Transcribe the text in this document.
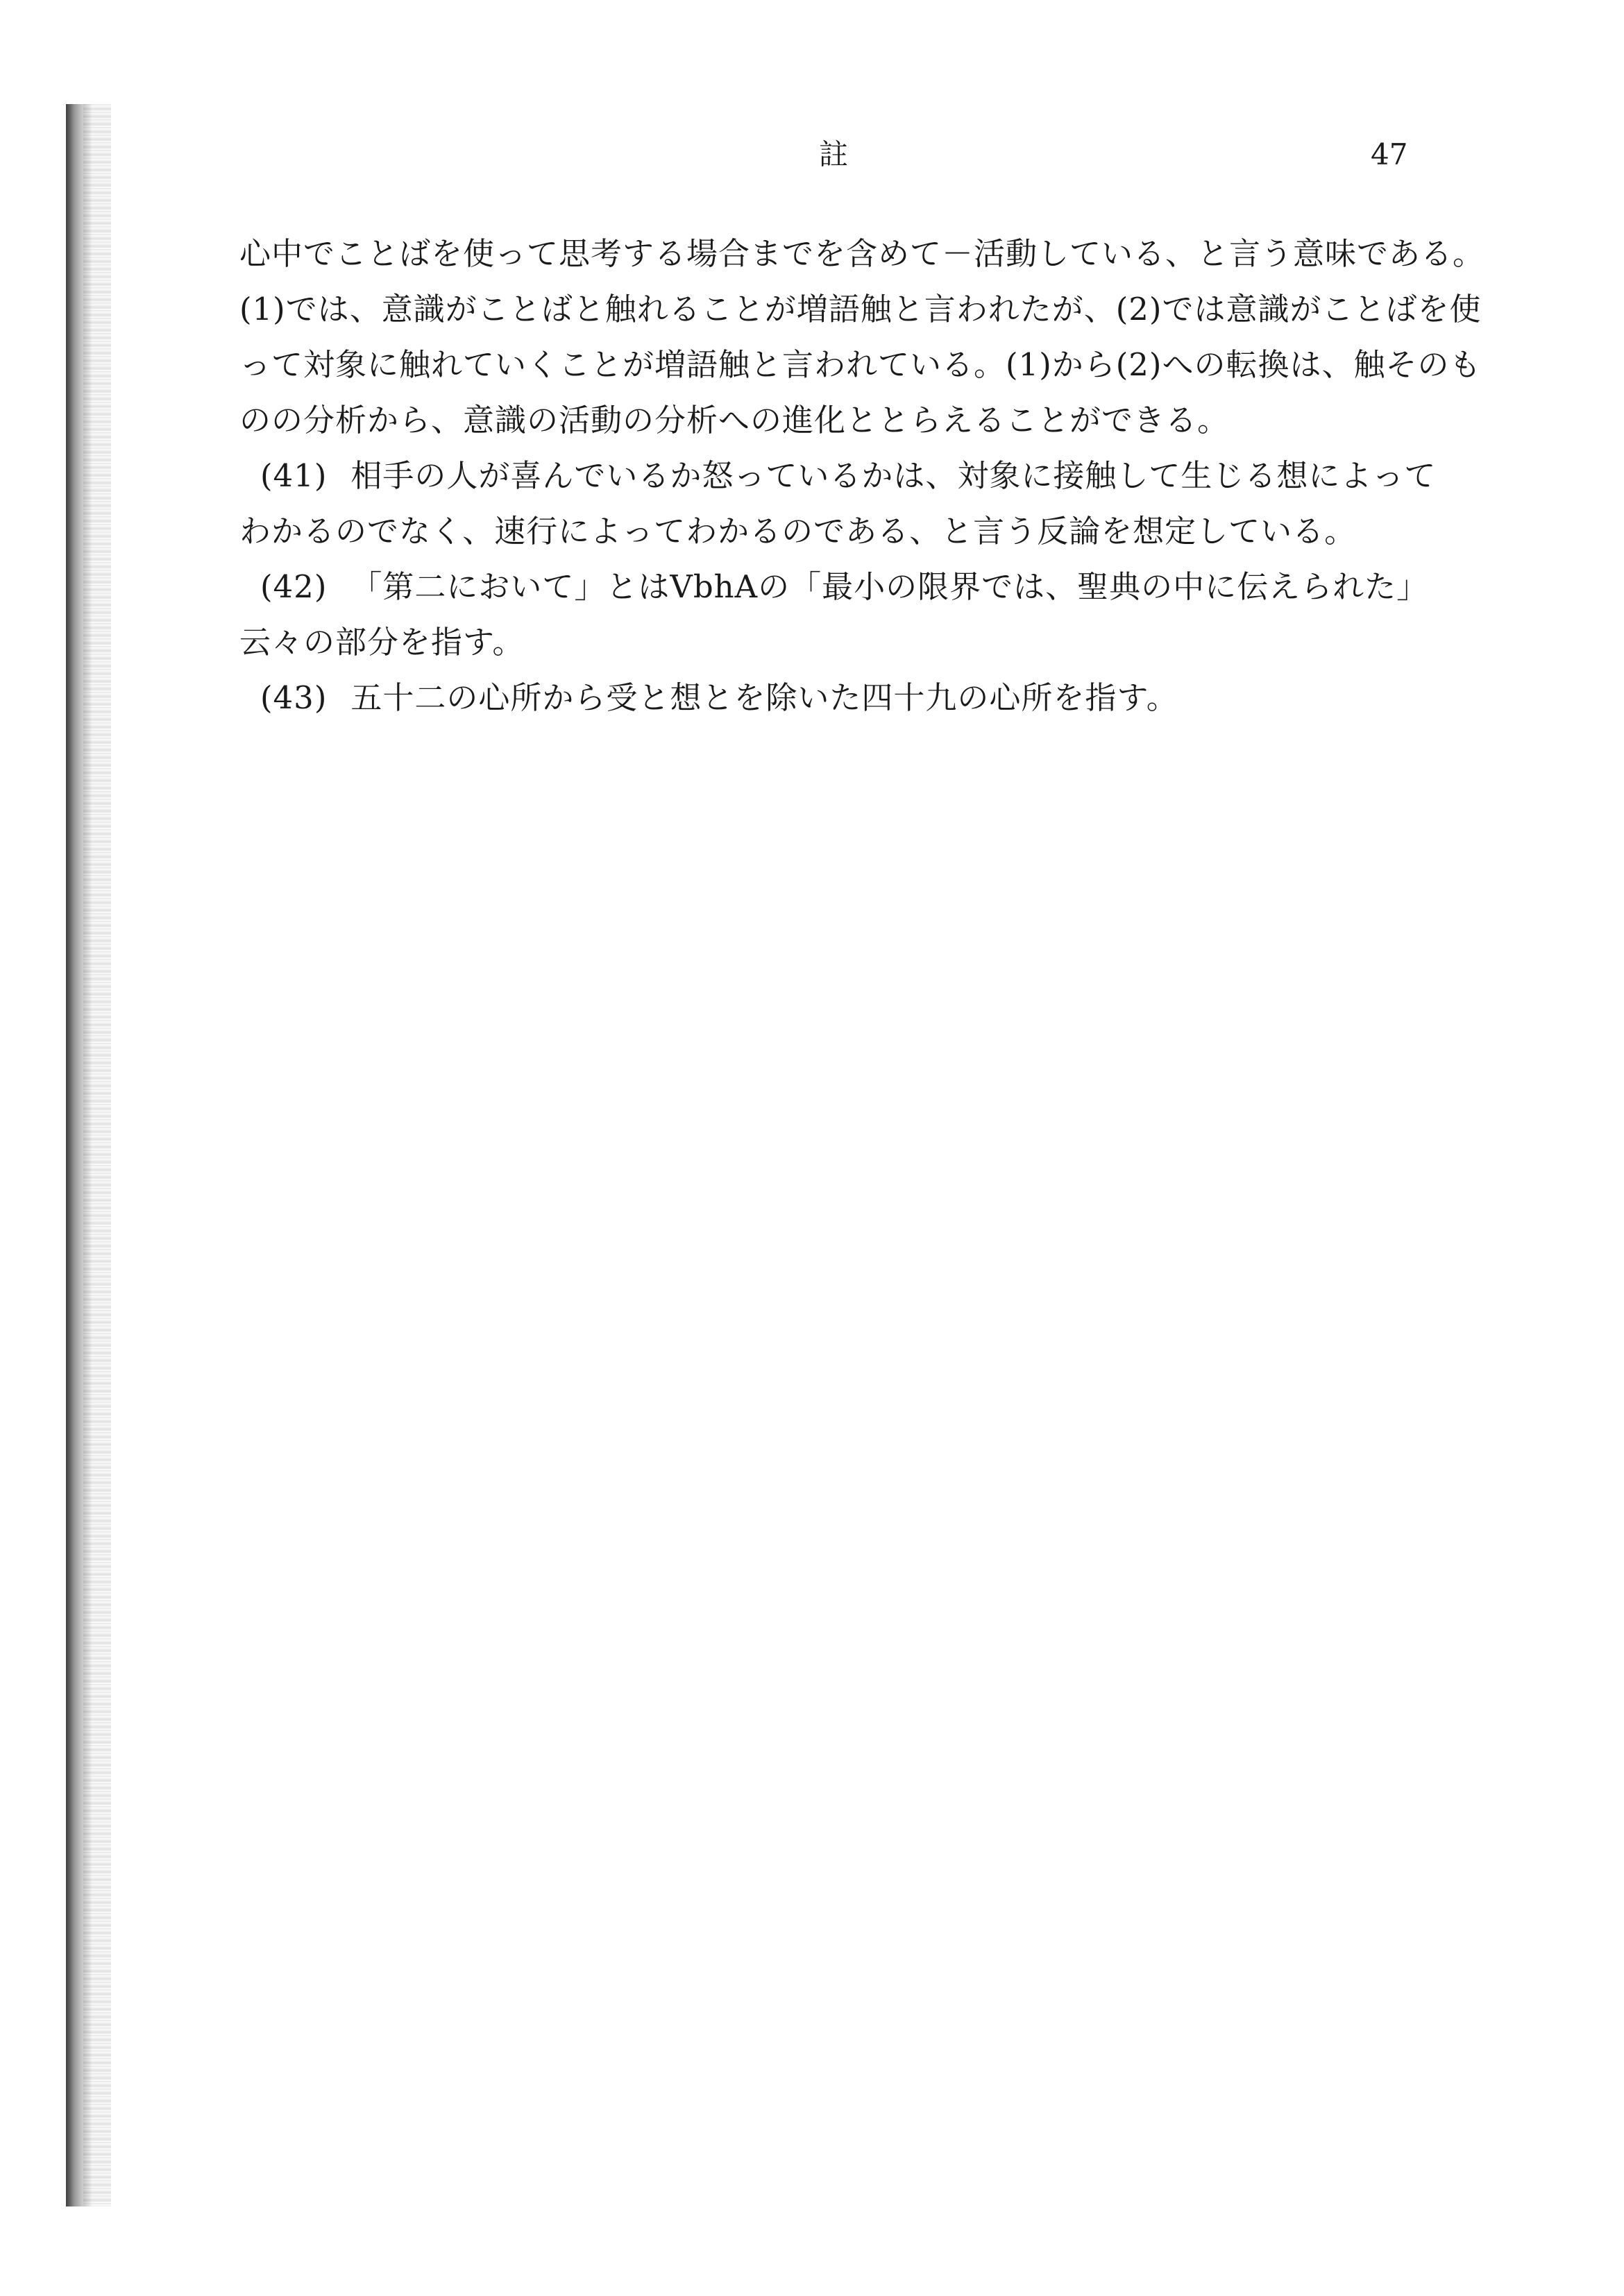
註	47
心中でことばを使って思考する場合までを含めて－活動している、と言う意味である。
(1)では、意識がことばと触れることが増語触と言われたが、(2)では意識がことばを使
って対象に触れていくことが増語触と言われている。(1)から(2)への転換は、触そのも
のの分析から、意識の活動の分析への進化ととらえることができる。
(41) 相手の人が喜んでいるか怒っているかは、対象に接触して生じる想によって
わかるのでなく、速行によってわかるのである、と言う反論を想定している。
(42) 「第二において」とはVbhAの「最小の限界では、聖典の中に伝えられた」
云々の部分を指す。
(43) 五十二の心所から受と想とを除いた四十九の心所を指す。
